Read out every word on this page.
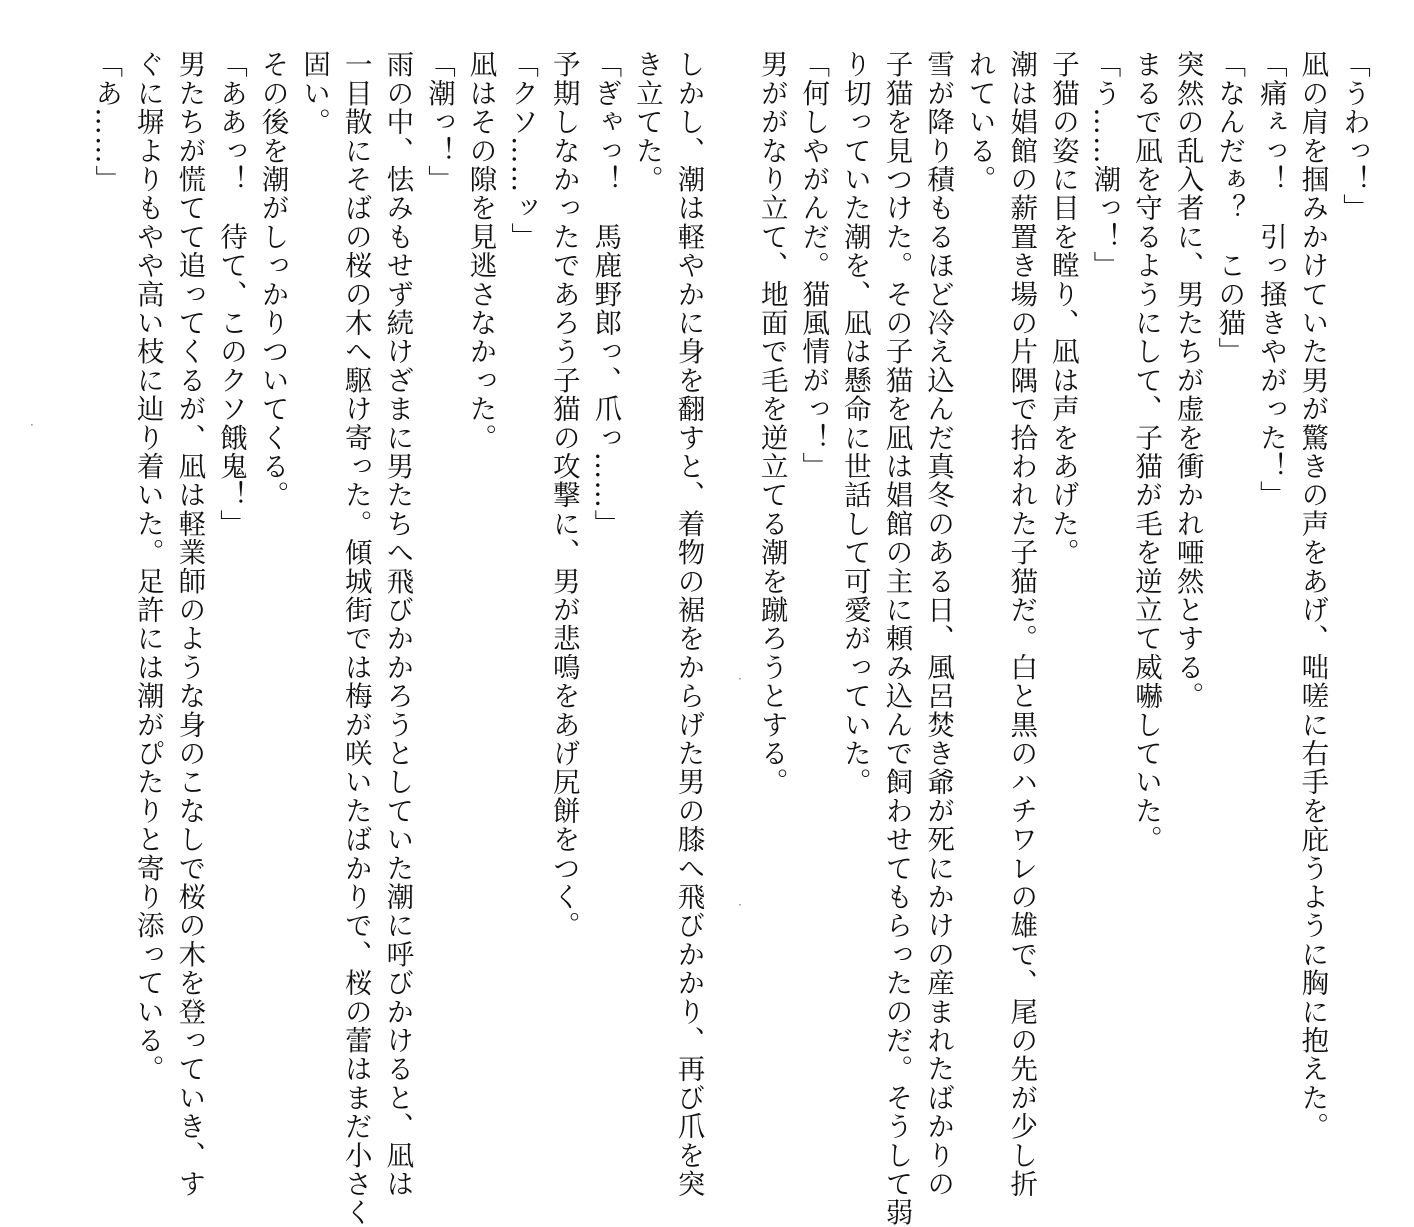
「うわっ！」
凪の肩を掴みかけていた男が驚きの声をあげ、咄嗟に右手を庇うように胸に抱えた。
「痛ぇっ！　引っ掻きやがった！」
「なんだぁ？　この猫」
突然の乱入者に、男たちが虚を衝かれ唖然とする。
まるで凪を守るようにして、子猫が毛を逆立て威嚇していた。
「う……潮っ！」
子猫の姿に目を瞠り、凪は声をあげた。
潮は娼館の薪置き場の片隅で拾われた子猫だ。白と黒のハチワレの雄で、尾の先が少し折
れている。
雪が降り積もるほど冷え込んだ真冬のある日、風呂焚き爺が死にかけの産まれたばかりの
子猫を見つけた。その子猫を凪は娼館の主に頼み込んで飼わせてもらったのだ。そうして弱
り切っていた潮を、凪は懸命に世話して可愛がっていた。
「何しやがんだ。猫風情がっ！」
男ががなり立て、地面で毛を逆立てる潮を蹴ろうとする。
しかし、潮は軽やかに身を翻すと、着物の裾をからげた男の膝へ飛びかかり、再び爪を突
き立てた。
「ぎゃっ！　馬鹿野郎っ、爪っ……」
予期しなかったであろう子猫の攻撃に、男が悲鳴をあげ尻餅をつく。
「クソ……ッ」
凪はその隙を見逃さなかった。
「潮っ！」
雨の中、怯みもせず続けざまに男たちへ飛びかかろうとしていた潮に呼びかけると、凪は
一目散にそばの桜の木へ駆け寄った。傾城街では梅が咲いたばかりで、桜の蕾はまだ小さく
固い。
その後を潮がしっかりついてくる。
「ああっ！　待て、このクソ餓鬼！」
男たちが慌てて追ってくるが、凪は軽業師のような身のこなしで桜の木を登っていき、す
ぐに塀よりもやや高い枝に辿り着いた。足許には潮がぴたりと寄り添っている。
「あ……」
·
·
·
